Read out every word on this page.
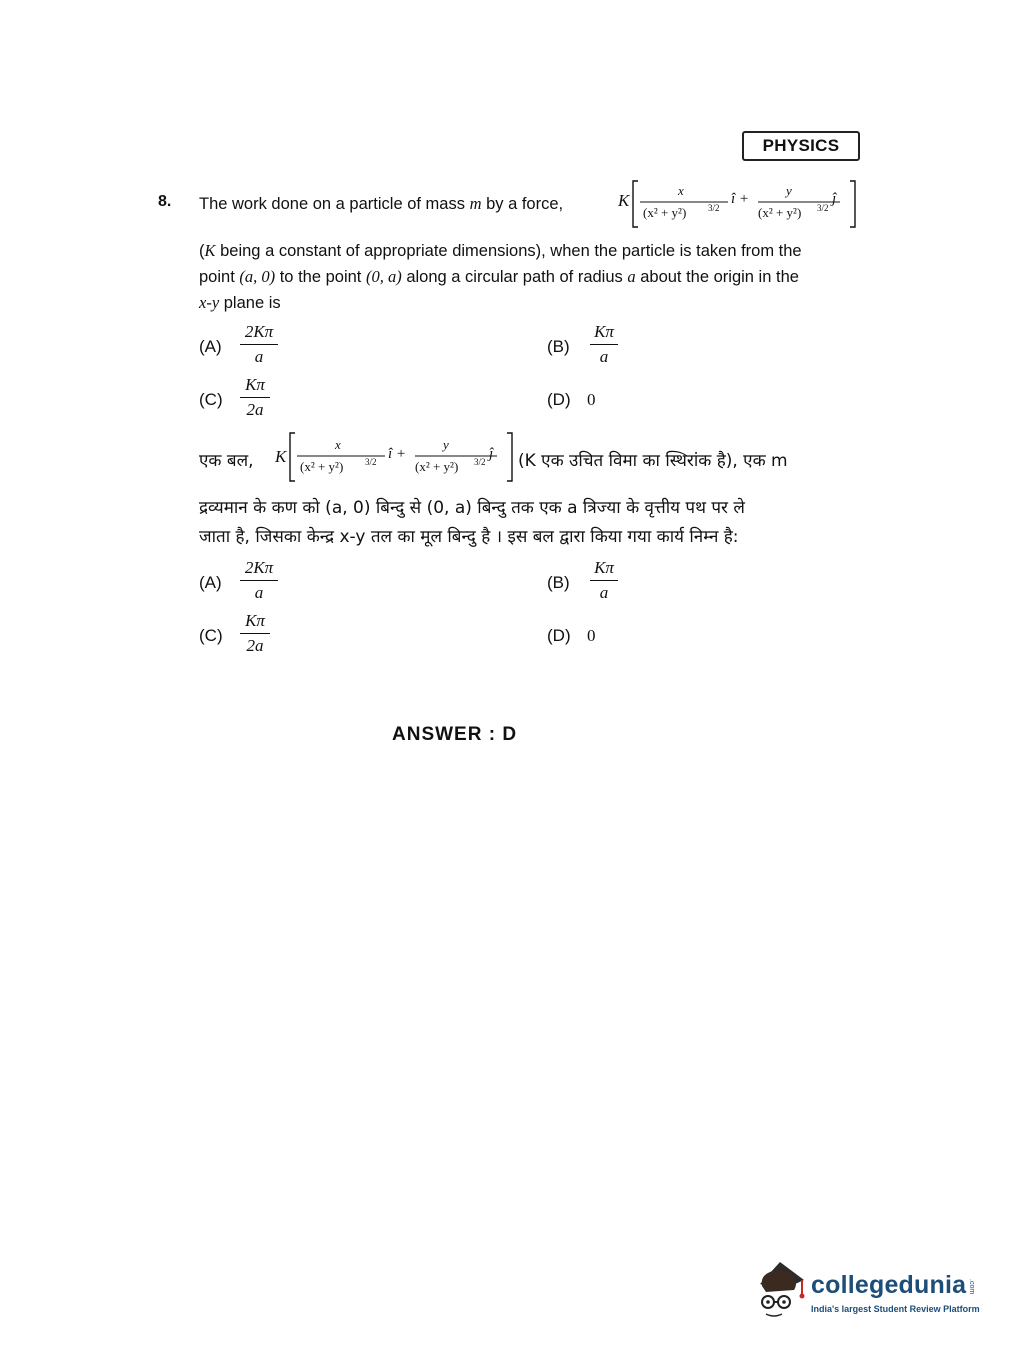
PHYSICS
8. The work done on a particle of mass m by a force,	K
x
(x² + y²) 3/2
î +
y
(x² + y²) 3/2
ĵ
(K being a constant of appropriate dimensions), when the particle is taken from the
point (a, 0) to the point (0, a) along a circular path of radius a about the origin in the
x-y plane is
(A)
2Kπ
a
(B)
Kπ
a
(C)
Kπ
2a
(D) 0
एक बल, K
x
(x² + y²) 3/2 î +
y
(x² + y²) 3/2 ĵ (K एक उचित विमा का स्थिरांक है), एक m
द्रव्यमान के कण को (a, 0) बिन्दु से (0, a) बिन्दु तक एक a त्रिज्या के वृत्तीय पथ पर ले
जाता है, जिसका केन्द्र x-y तल का मूल बिन्दु है । इस बल द्वारा किया गया कार्य निम्न है:
(A)
2Kπ
a
(B)
Kπ
a
(C)
Kπ
2a
(D) 0
ANSWER : D
collegedunia .com
India's largest Student Review Platform
